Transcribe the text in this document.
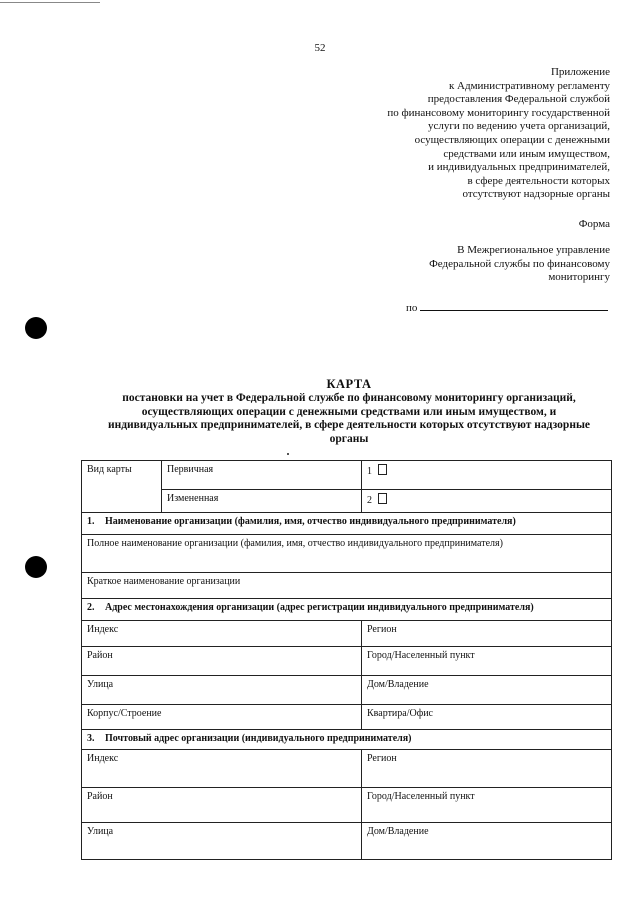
52
Приложение
к Административному регламенту
предоставления Федеральной службой
по финансовому мониторингу государственной
услуги по ведению учета организаций,
осуществляющих операции с денежными
средствами или иным имуществом,
и индивидуальных предпринимателей,
в сфере деятельности которых
отсутствуют надзорные органы
Форма
В Межрегиональное управление
Федеральной службы по финансовому
мониторингу
по
КАРТА
постановки на учет в Федеральной службе по финансовому мониторингу организаций,
осуществляющих операции с денежными средствами или иным имуществом, и
индивидуальных предпринимателей, в сфере деятельности которых отсутствуют надзорные
органы
Вид карты	Первичная	1
	Измененная	2
1. Наименование организации (фамилия, имя, отчество индивидуального предпринимателя)		
Полное наименование организации (фамилия, имя, отчество индивидуального предпринимателя)		
Краткое наименование организации		
2. Адрес местонахождения организации (адрес регистрации индивидуального предпринимателя)		
Индекс		Регион
Район		Город/Населенный пункт
Улица		Дом/Владение
Корпус/Строение		Квартира/Офис
3. Почтовый адрес организации (индивидуального предпринимателя)		
Индекс		Регион
Район		Город/Населенный пункт
Улица		Дом/Владение
